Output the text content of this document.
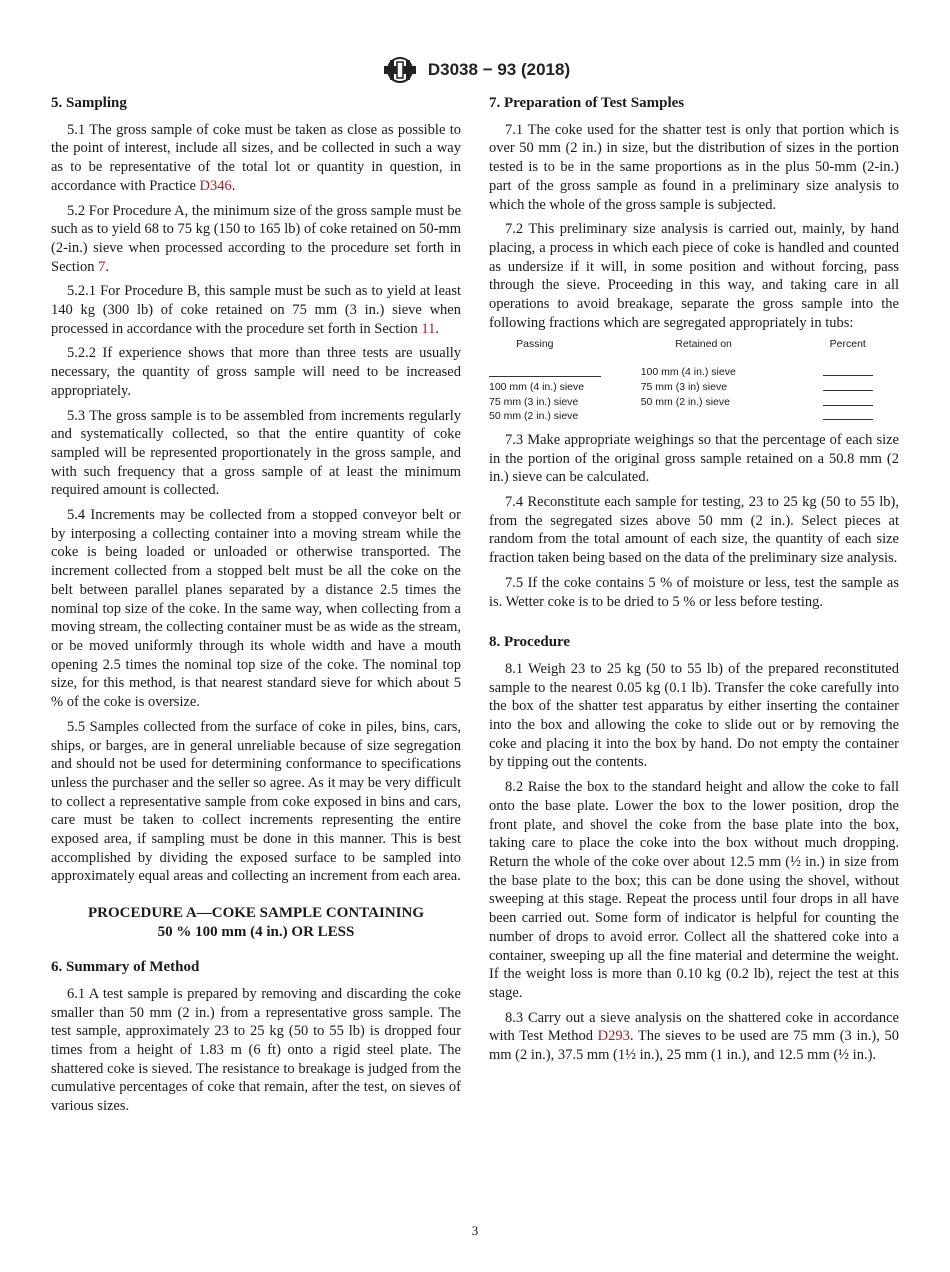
D3038 − 93 (2018)
5. Sampling

5.1 The gross sample of coke must be taken as close as possible to the point of interest, include all sizes, and be collected in such a way as to be representative of the total lot or quantity in question, in accordance with Practice D346.

5.2 For Procedure A, the minimum size of the gross sample must be such as to yield 68 to 75 kg (150 to 165 lb) of coke retained on 50-mm (2-in.) sieve when processed according to the procedure set forth in Section 7.

5.2.1 For Procedure B, this sample must be such as to yield at least 140 kg (300 lb) of coke retained on 75 mm (3 in.) sieve when processed in accordance with the procedure set forth in Section 11.

5.2.2 If experience shows that more than three tests are usually necessary, the quantity of gross sample will need to be increased appropriately.

5.3 The gross sample is to be assembled from increments regularly and systematically collected, so that the entire quantity of coke sampled will be represented proportionately in the gross sample, and with such frequency that a gross sample of at least the minimum required amount is collected.

5.4 Increments may be collected from a stopped conveyor belt or by interposing a collecting container into a moving stream while the coke is being loaded or unloaded or otherwise transported. The increment collected from a stopped belt must be all the coke on the belt between parallel planes separated by a distance 2.5 times the nominal top size of the coke. In the same way, when collecting from a moving stream, the collecting container must be as wide as the stream, or be moved uniformly through its whole width and have a mouth opening 2.5 times the nominal top size of the coke. The nominal top size, for this method, is that nearest standard sieve for which about 5 % of the coke is oversize.

5.5 Samples collected from the surface of coke in piles, bins, cars, ships, or barges, are in general unreliable because of size segregation and should not be used for determining conformance to specifications unless the purchaser and the seller so agree. As it may be very difficult to collect a representative sample from coke exposed in bins and cars, care must be taken to collect increments representing the entire exposed area, if sampling must be done in this manner. This is best accomplished by dividing the exposed surface to be sampled into approximately equal areas and collecting an increment from each area.

PROCEDURE A—COKE SAMPLE CONTAINING
50 % 100 mm (4 in.) OR LESS
6. Summary of Method

6.1 A test sample is prepared by removing and discarding the coke smaller than 50 mm (2 in.) from a representative gross sample. The test sample, approximately 23 to 25 kg (50 to 55 lb) is dropped four times from a height of 1.83 m (6 ft) onto a rigid steel plate. The shattered coke is sieved. The resistance to breakage is judged from the cumulative percentages of coke that remain, after the test, on sieves of various sizes.

7. Preparation of Test Samples

7.1 The coke used for the shatter test is only that portion which is over 50 mm (2 in.) in size, but the distribution of sizes in the portion tested is to be in the same proportions as in the plus 50-mm (2-in.) part of the gross sample as found in a preliminary size analysis to which the whole of the gross sample is subjected.

7.2 This preliminary size analysis is carried out, mainly, by hand placing, a process in which each piece of coke is handled and counted as undersize if it will, in some position and without forcing, pass through the sieve. Proceeding in this way, and taking care in all operations to avoid breakage, separate the gross sample into the following fractions which are segregated appropriately in tubs:

Passing	Retained on	Percent
	100 mm (4 in.) sieve	
100 mm (4 in.) sieve	75 mm (3 in) sieve	
75 mm (3 in.) sieve	50 mm (2 in.) sieve	
50 mm (2 in.) sieve		

7.3 Make appropriate weighings so that the percentage of each size in the portion of the original gross sample retained on a 50.8 mm (2 in.) sieve can be calculated.

7.4 Reconstitute each sample for testing, 23 to 25 kg (50 to 55 lb), from the segregated sizes above 50 mm (2 in.). Select pieces at random from the total amount of each size, the quantity of each size fraction taken being based on the data of the preliminary size analysis.

7.5 If the coke contains 5 % of moisture or less, test the sample as is. Wetter coke is to be dried to 5 % or less before testing.

8. Procedure

8.1 Weigh 23 to 25 kg (50 to 55 lb) of the prepared reconstituted sample to the nearest 0.05 kg (0.1 lb). Transfer the coke carefully into the box of the shatter test apparatus by either inserting the container into the box and allowing the coke to slide out or by removing the coke and placing it into the box by hand. Do not empty the container by tipping out the contents.

8.2 Raise the box to the standard height and allow the coke to fall onto the base plate. Lower the box to the lower position, drop the front plate, and shovel the coke from the base plate into the box, taking care to place the coke into the box without much dropping. Return the whole of the coke over about 12.5 mm (½ in.) in size from the base plate to the box; this can be done using the shovel, without sweeping at this stage. Repeat the process until four drops in all have been carried out. Some form of indicator is helpful for counting the number of drops to avoid error. Collect all the shattered coke into a container, sweeping up all the fine material and determine the weight. If the weight loss is more than 0.10 kg (0.2 lb), reject the test at this stage.

8.3 Carry out a sieve analysis on the shattered coke in accordance with Test Method D293. The sieves to be used are 75 mm (3 in.), 50 mm (2 in.), 37.5 mm (1½ in.), 25 mm (1 in.), and 12.5 mm (½ in.).

3
